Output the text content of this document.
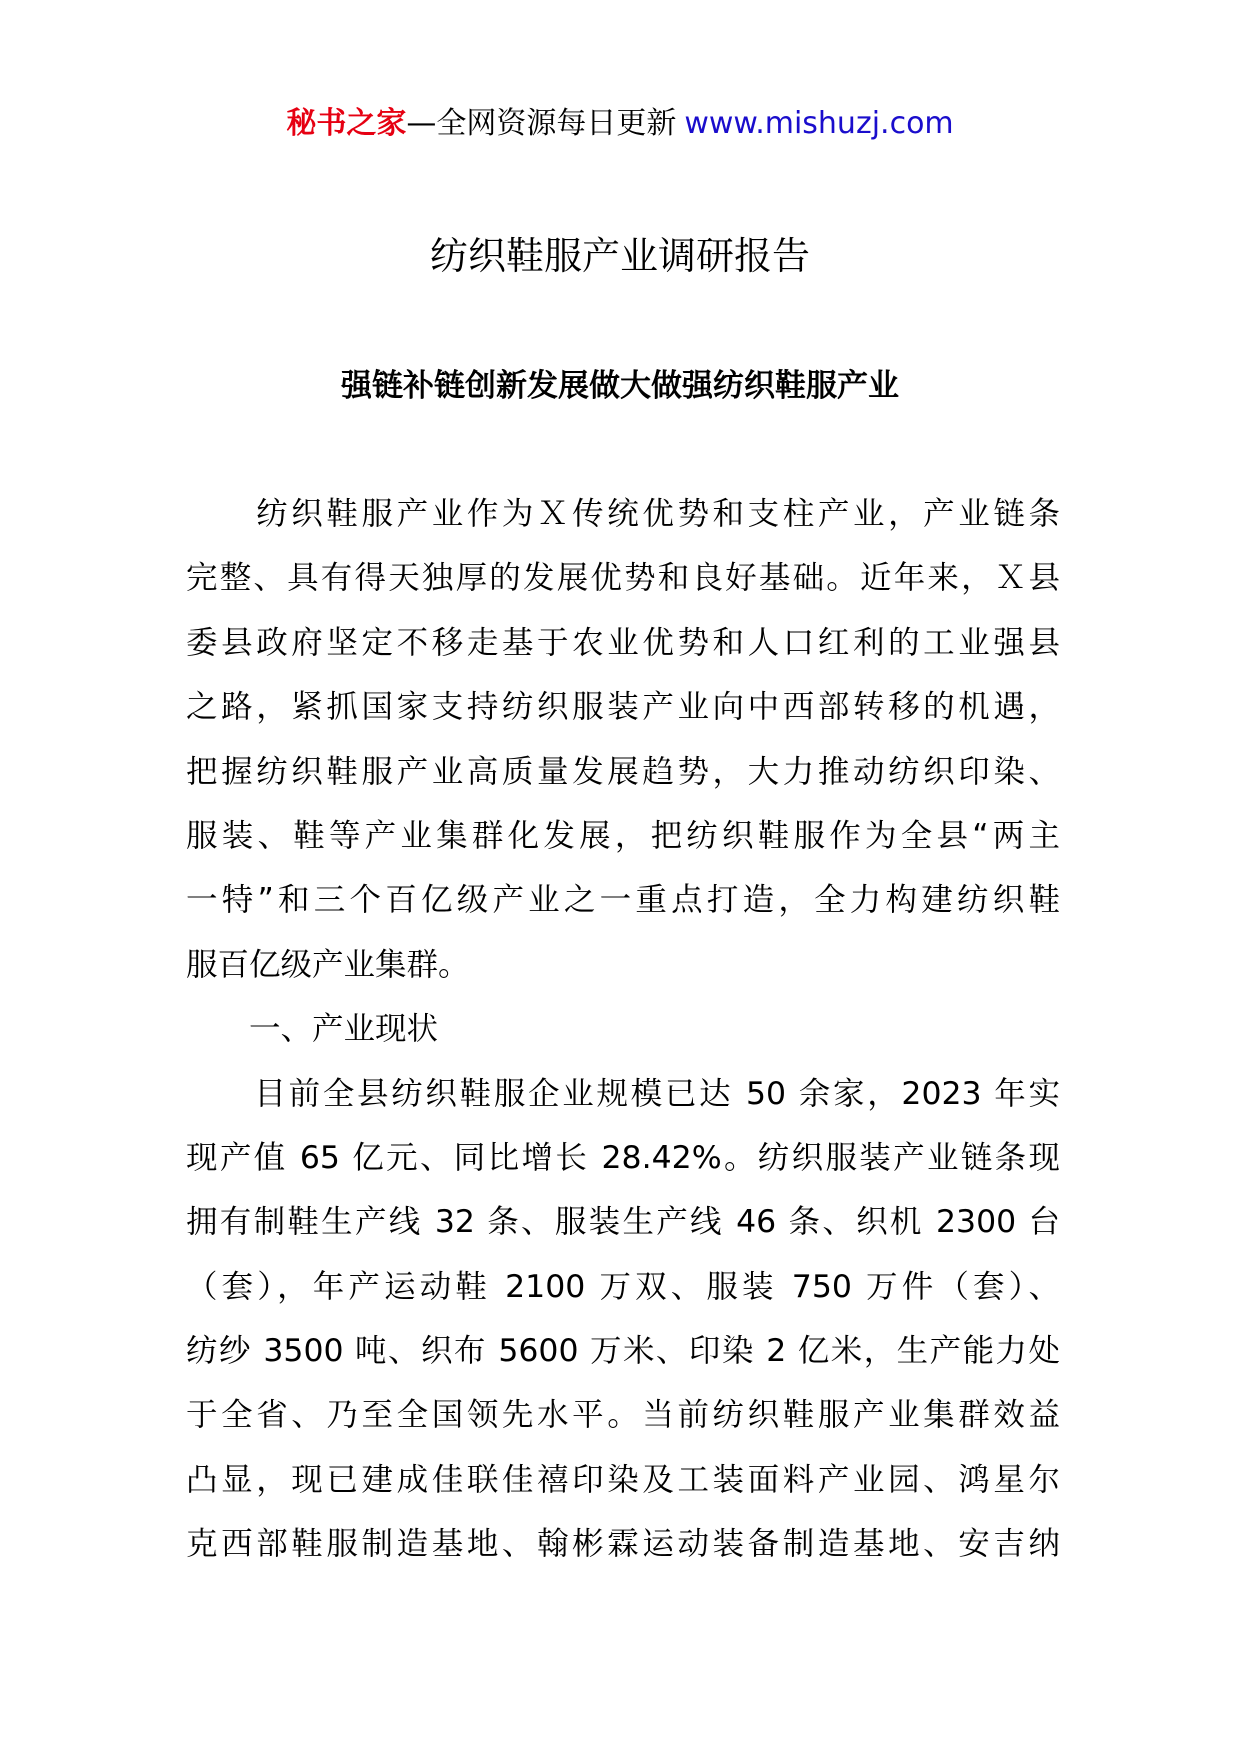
秘书之家—全网资源每日更新 www.mishuzj.com
纺织鞋服产业调研报告
强链补链创新发展做大做强纺织鞋服产业
　　纺织鞋服产业作为Ｘ传统优势和支柱产业，产业链条
完整、具有得天独厚的发展优势和良好基础。近年来，Ｘ县
委县政府坚定不移走基于农业优势和人口红利的工业强县
之路，紧抓国家支持纺织服装产业向中西部转移的机遇，
把握纺织鞋服产业高质量发展趋势，大力推动纺织印染、
服装、鞋等产业集群化发展，把纺织鞋服作为全县“两主
一特”和三个百亿级产业之一重点打造，全力构建纺织鞋
服百亿级产业集群。
　　一、产业现状
　　目前全县纺织鞋服企业规模已达 50 余家，2023 年实
现产值 65 亿元、同比增长 28.42%。纺织服装产业链条现
拥有制鞋生产线 32 条、服装生产线 46 条、织机 2300 台
（套），年产运动鞋 2100 万双、服装 750 万件（套）、
纺纱 3500 吨、织布 5600 万米、印染 2 亿米，生产能力处
于全省、乃至全国领先水平。当前纺织鞋服产业集群效益
凸显，现已建成佳联佳禧印染及工装面料产业园、鸿星尔
克西部鞋服制造基地、翰彬霖运动装备制造基地、安吉纳
